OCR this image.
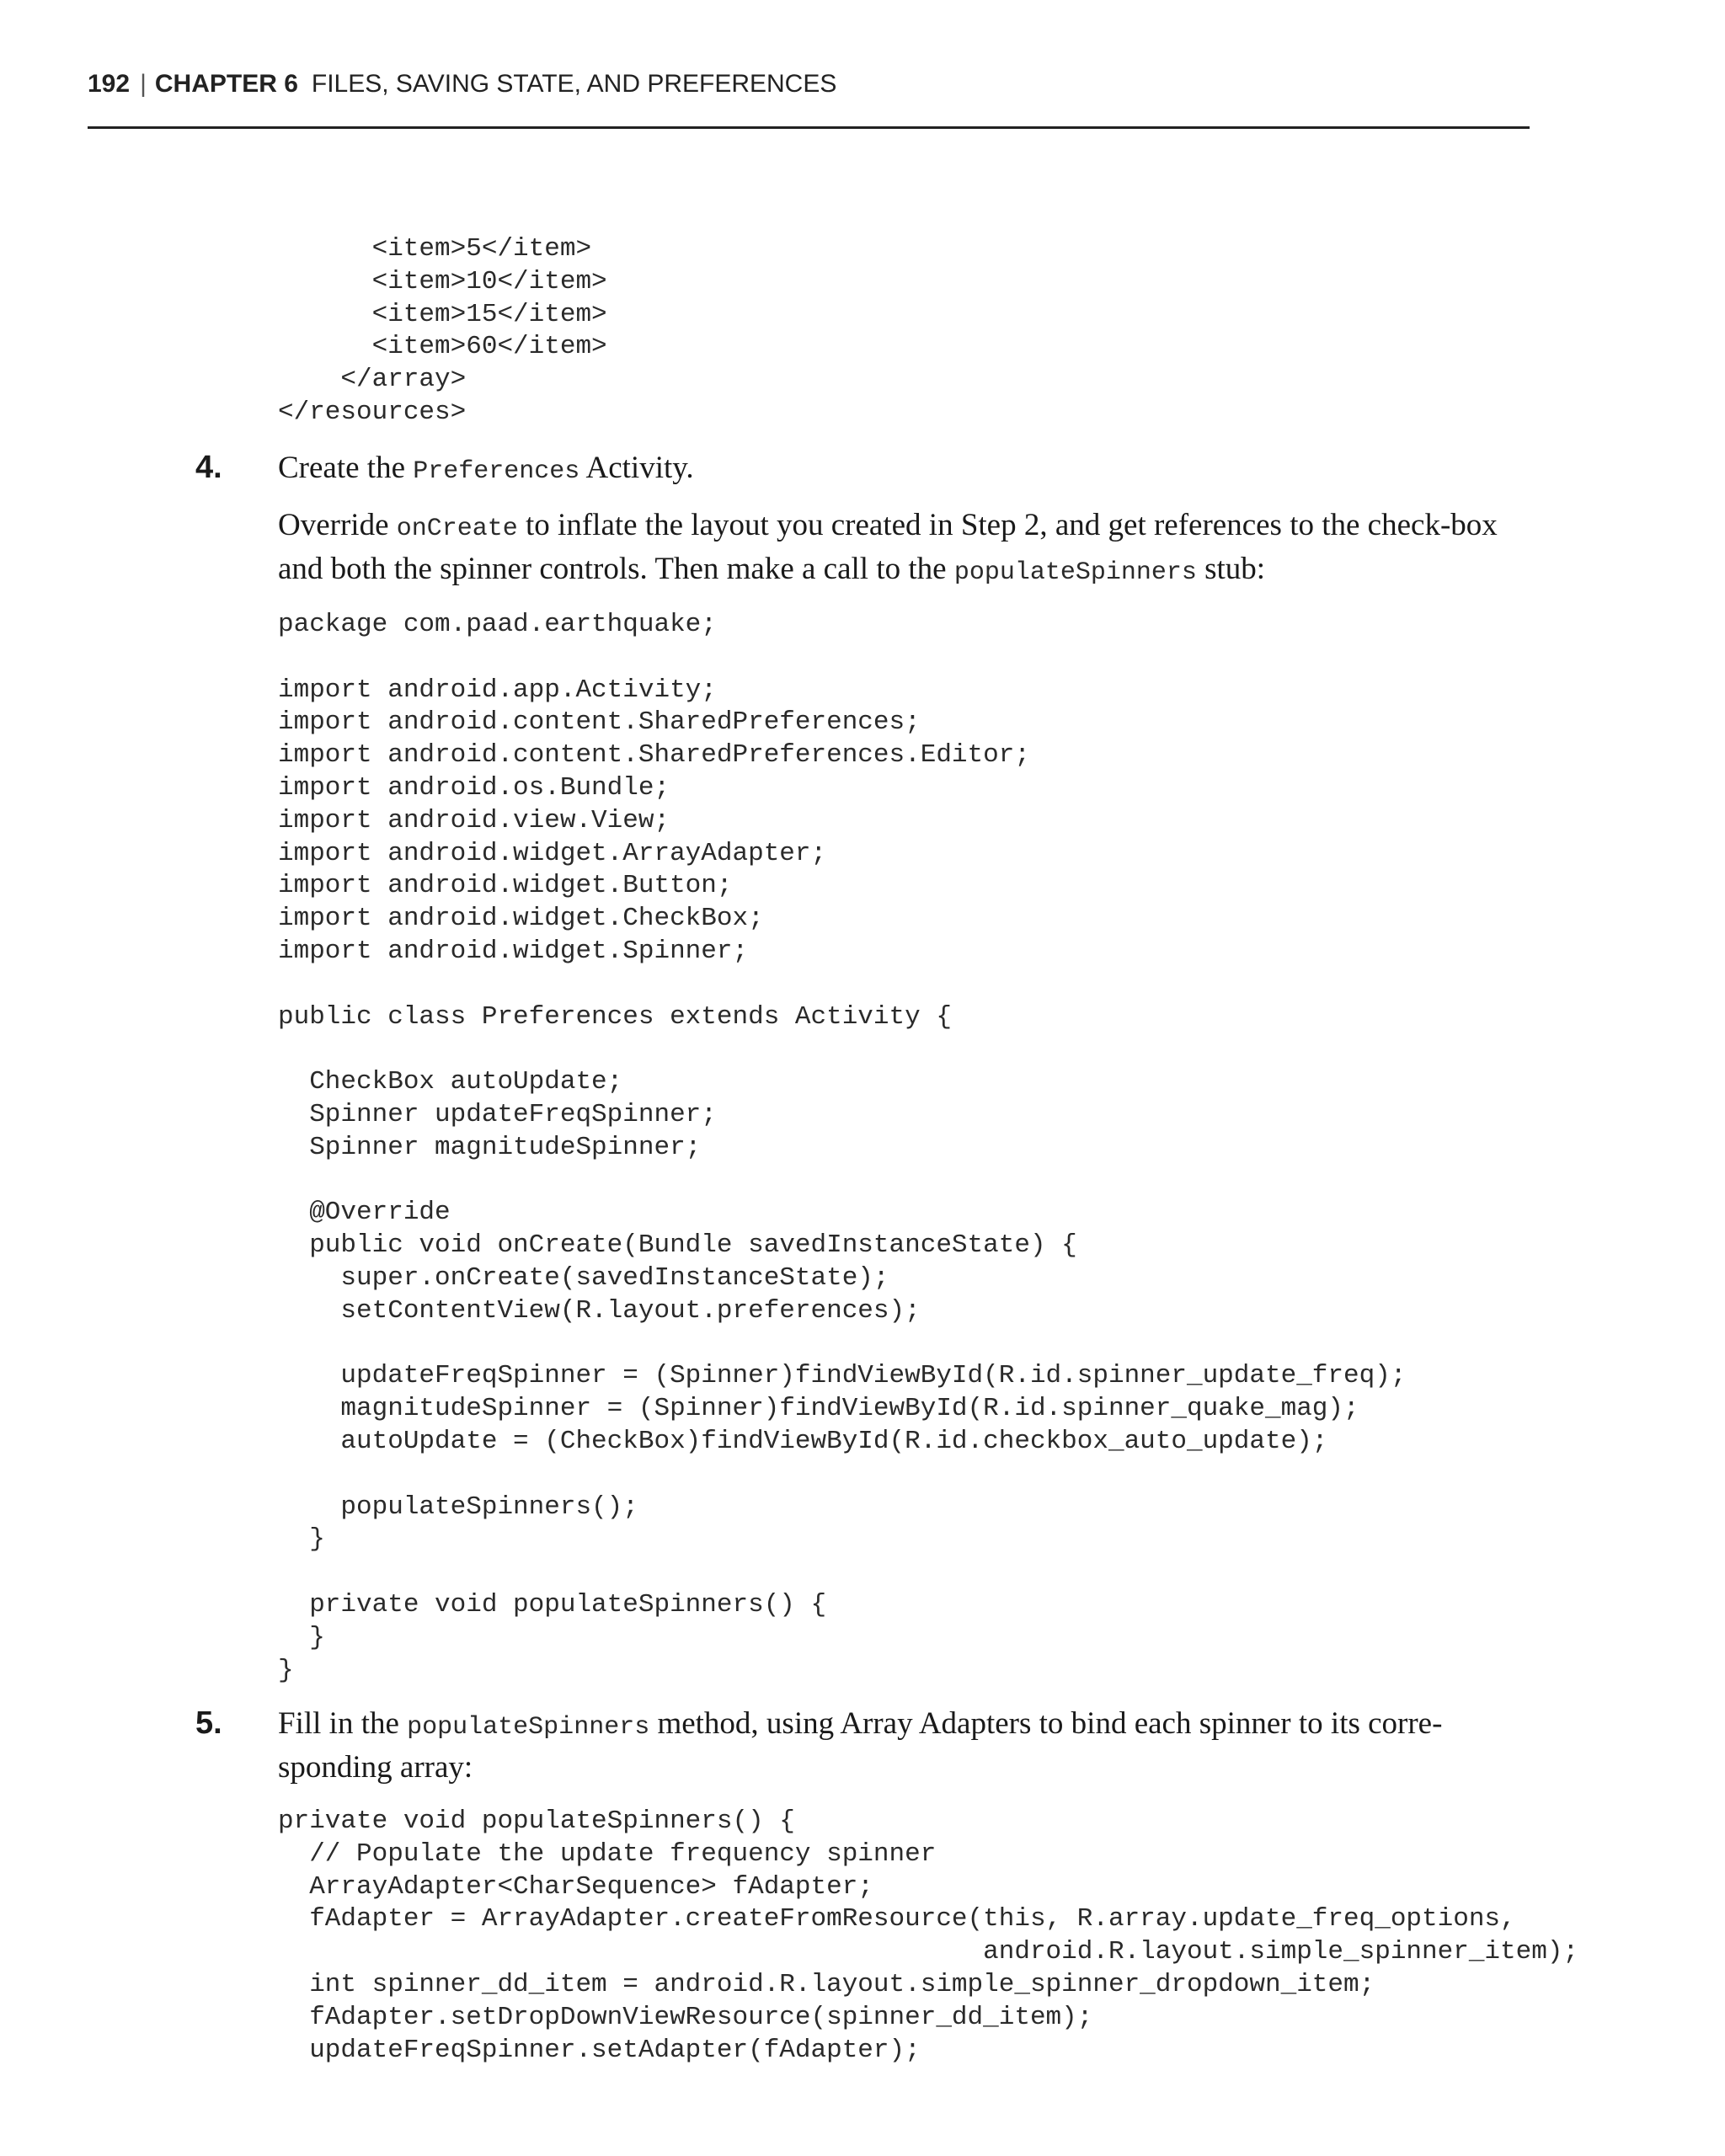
192 | CHAPTER 6 FILES, SAVING STATE, AND PREFERENCES
<item>5</item>
<item>10</item>
<item>15</item>
<item>60</item>
</array>
</resources>
4. Create the Preferences Activity.

Override onCreate to inflate the layout you created in Step 2, and get references to the check-box and both the spinner controls. Then make a call to the populateSpinners stub:

package com.paad.earthquake;

import android.app.Activity;
import android.content.SharedPreferences;
import android.content.SharedPreferences.Editor;
import android.os.Bundle;
import android.view.View;
import android.widget.ArrayAdapter;
import android.widget.Button;
import android.widget.CheckBox;
import android.widget.Spinner;

public class Preferences extends Activity {

CheckBox autoUpdate;
Spinner updateFreqSpinner;
Spinner magnitudeSpinner;

@Override
public void onCreate(Bundle savedInstanceState) {
super.onCreate(savedInstanceState);
setContentView(R.layout.preferences);

updateFreqSpinner = (Spinner)findViewById(R.id.spinner_update_freq);
magnitudeSpinner = (Spinner)findViewById(R.id.spinner_quake_mag);
autoUpdate = (CheckBox)findViewById(R.id.checkbox_auto_update);

populateSpinners();
}

private void populateSpinners() {
}
}
5. Fill in the populateSpinners method, using Array Adapters to bind each spinner to its corre-sponding array:

private void populateSpinners() {
// Populate the update frequency spinner
ArrayAdapter<CharSequence> fAdapter;
fAdapter = ArrayAdapter.createFromResource(this, R.array.update_freq_options,
android.R.layout.simple_spinner_item);
int spinner_dd_item = android.R.layout.simple_spinner_dropdown_item;
fAdapter.setDropDownViewResource(spinner_dd_item);
updateFreqSpinner.setAdapter(fAdapter);
